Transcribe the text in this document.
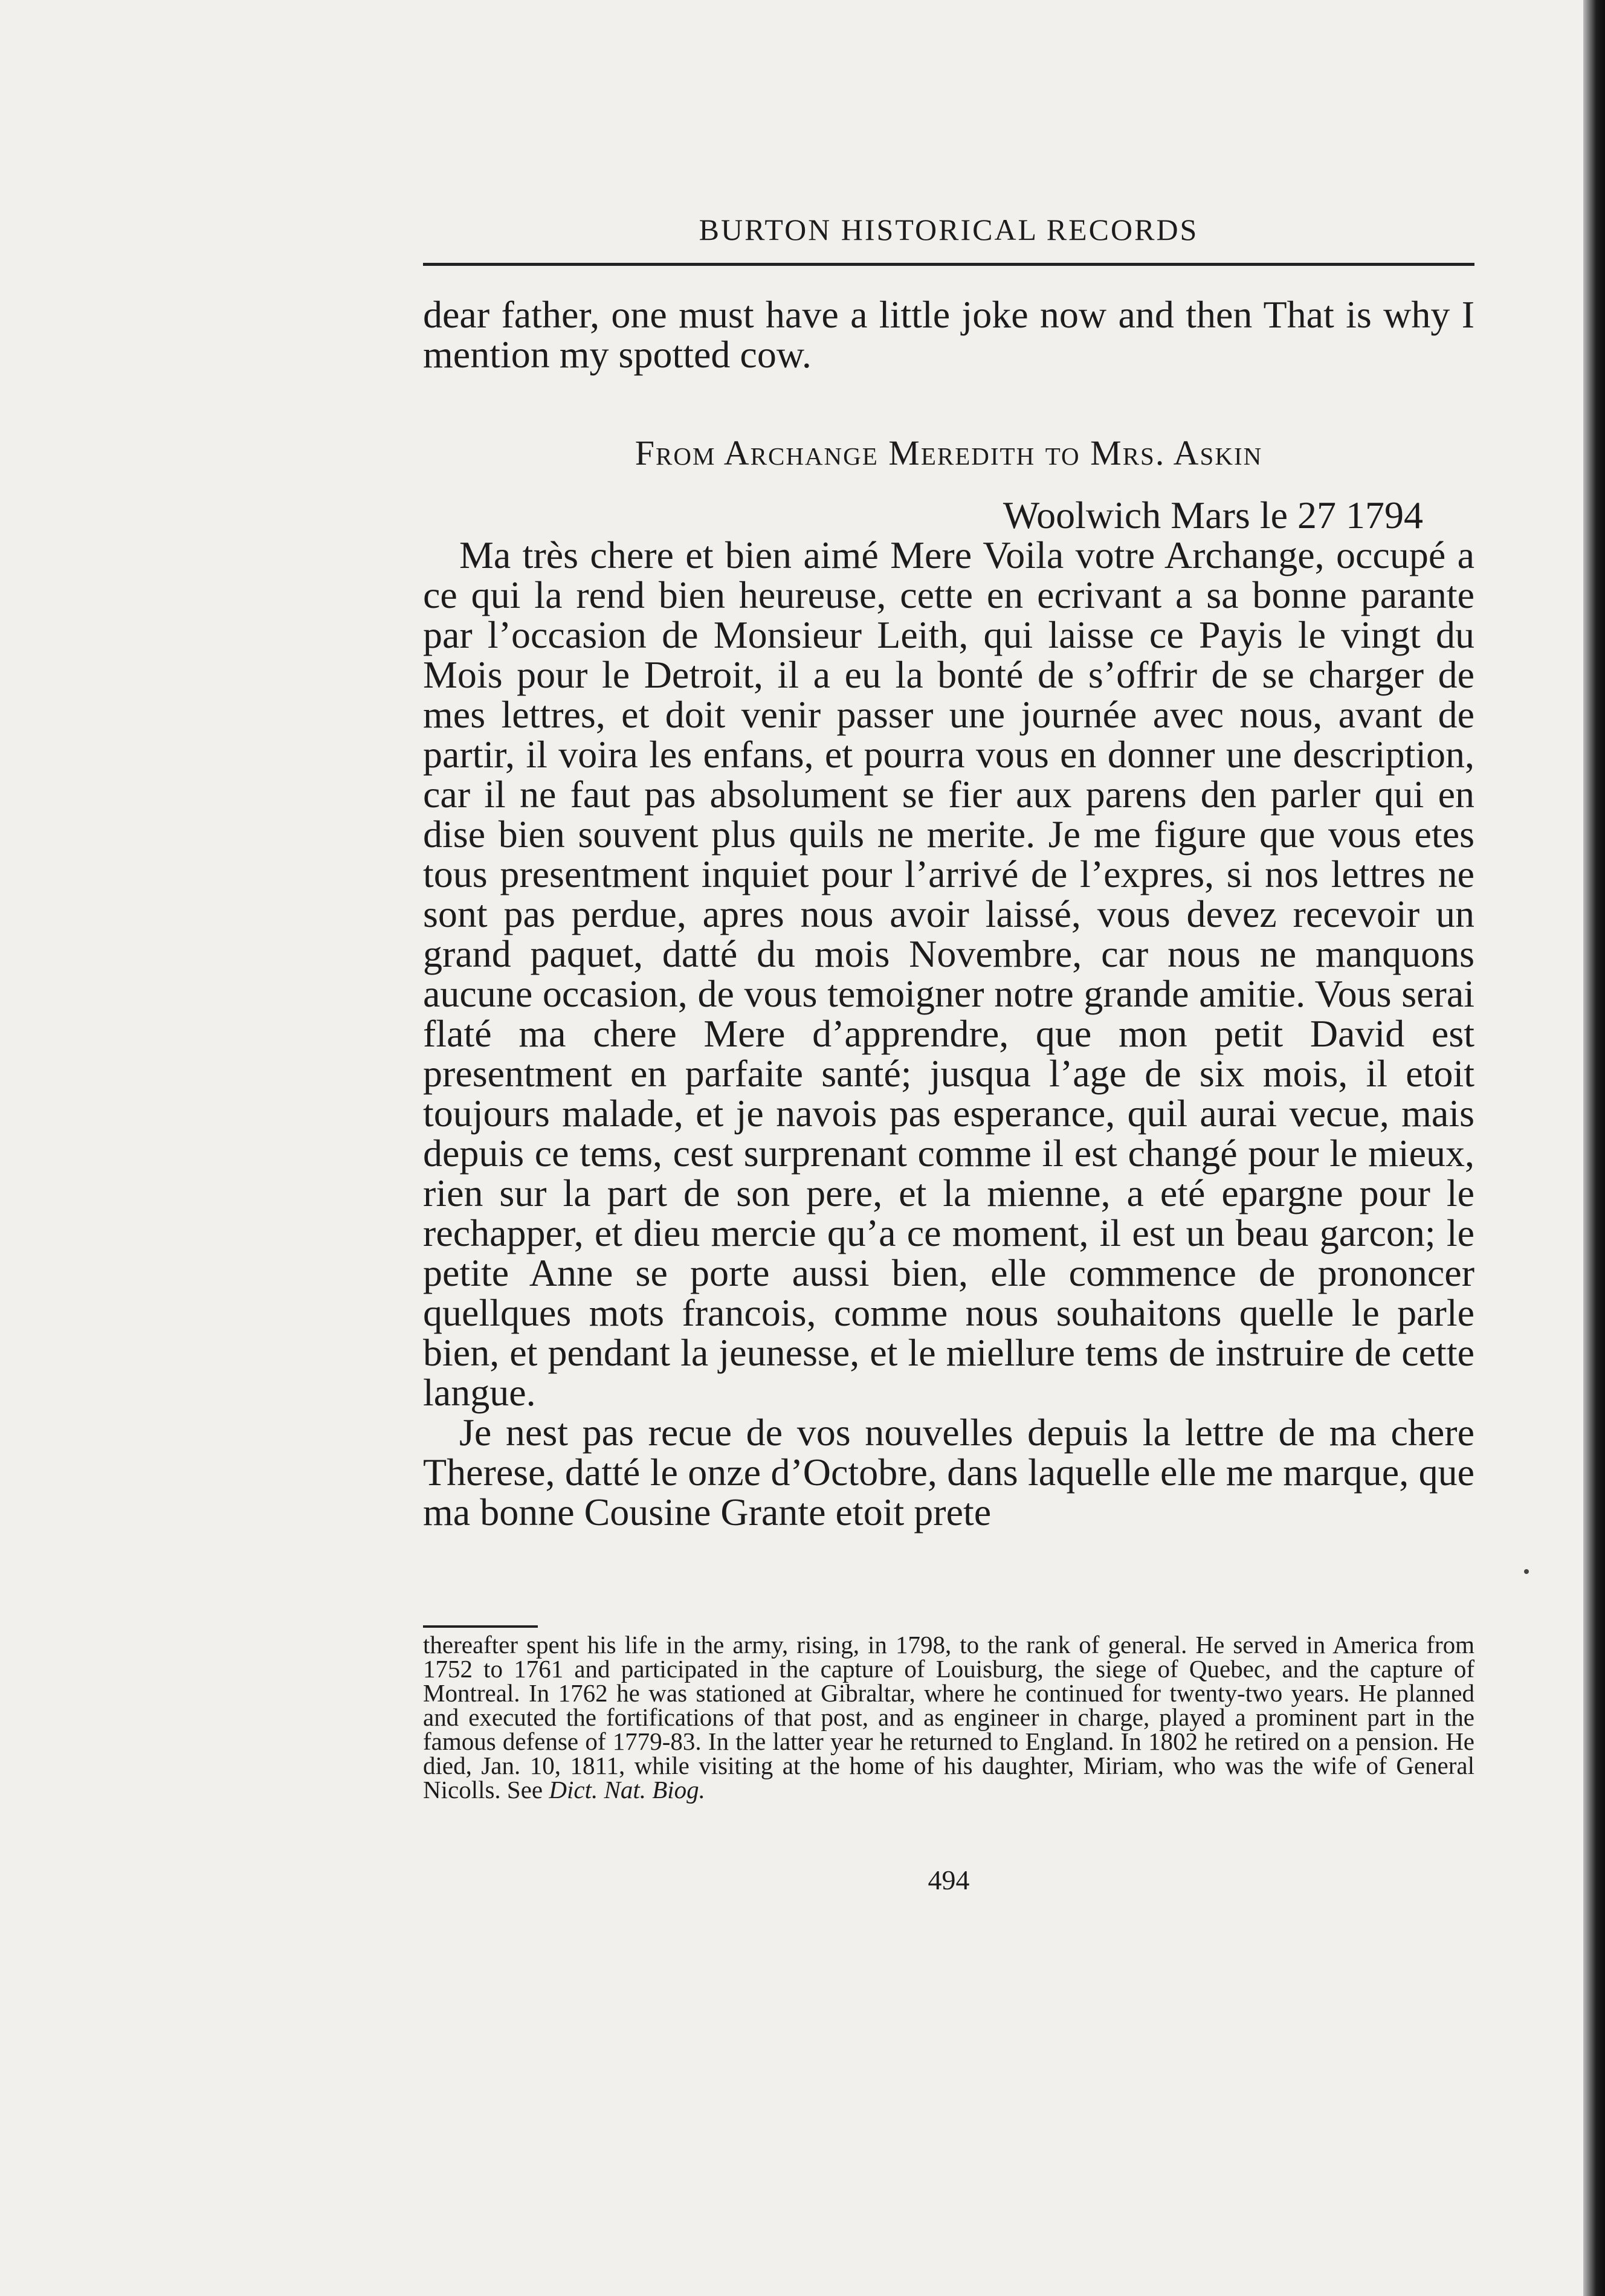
BURTON HISTORICAL RECORDS

dear father, one must have a little joke now and then That is why I mention my spotted cow.

From Archange Meredith to Mrs. Askin
Woolwich Mars le 27 1794

Ma très chere et bien aimé Mere Voila votre Archange, occupé a ce qui la rend bien heureuse, cette en ecrivant a sa bonne parante par l’occasion de Monsieur Leith, qui laisse ce Payis le vingt du Mois pour le Detroit, il a eu la bonté de s’offrir de se charger de mes lettres, et doit venir passer une journée avec nous, avant de partir, il voira les enfans, et pourra vous en donner une description, car il ne faut pas absolument se fier aux parens den parler qui en dise bien souvent plus quils ne merite. Je me figure que vous etes tous presentment inquiet pour l’arrivé de l’expres, si nos lettres ne sont pas perdue, apres nous avoir laissé, vous devez recevoir un grand paquet, datté du mois Novembre, car nous ne manquons aucune occasion, de vous temoigner notre grande amitie. Vous serai flaté ma chere Mere d’apprendre, que mon petit David est presentment en parfaite santé; jusqua l’age de six mois, il etoit toujours malade, et je navois pas esperance, quil aurai vecue, mais depuis ce tems, cest surprenant comme il est changé pour le mieux, rien sur la part de son pere, et la mienne, a eté epargne pour le rechapper, et dieu mercie qu’a ce moment, il est un beau garcon; le petite Anne se porte aussi bien, elle commence de prononcer quellques mots francois, comme nous souhaitons quelle le parle bien, et pendant la jeunesse, et le miellure tems de instruire de cette langue.

Je nest pas recue de vos nouvelles depuis la lettre de ma chere Therese, datté le onze d’Octobre, dans laquelle elle me marque, que ma bonne Cousine Grante etoit prete

thereafter spent his life in the army, rising, in 1798, to the rank of general. He served in America from 1752 to 1761 and participated in the capture of Louisburg, the siege of Quebec, and the capture of Montreal. In 1762 he was stationed at Gibraltar, where he continued for twenty-two years. He planned and executed the fortifications of that post, and as engineer in charge, played a prominent part in the famous defense of 1779-83. In the latter year he returned to England. In 1802 he retired on a pension. He died, Jan. 10, 1811, while visiting at the home of his daughter, Miriam, who was the wife of General Nicolls. See Dict. Nat. Biog.

494
